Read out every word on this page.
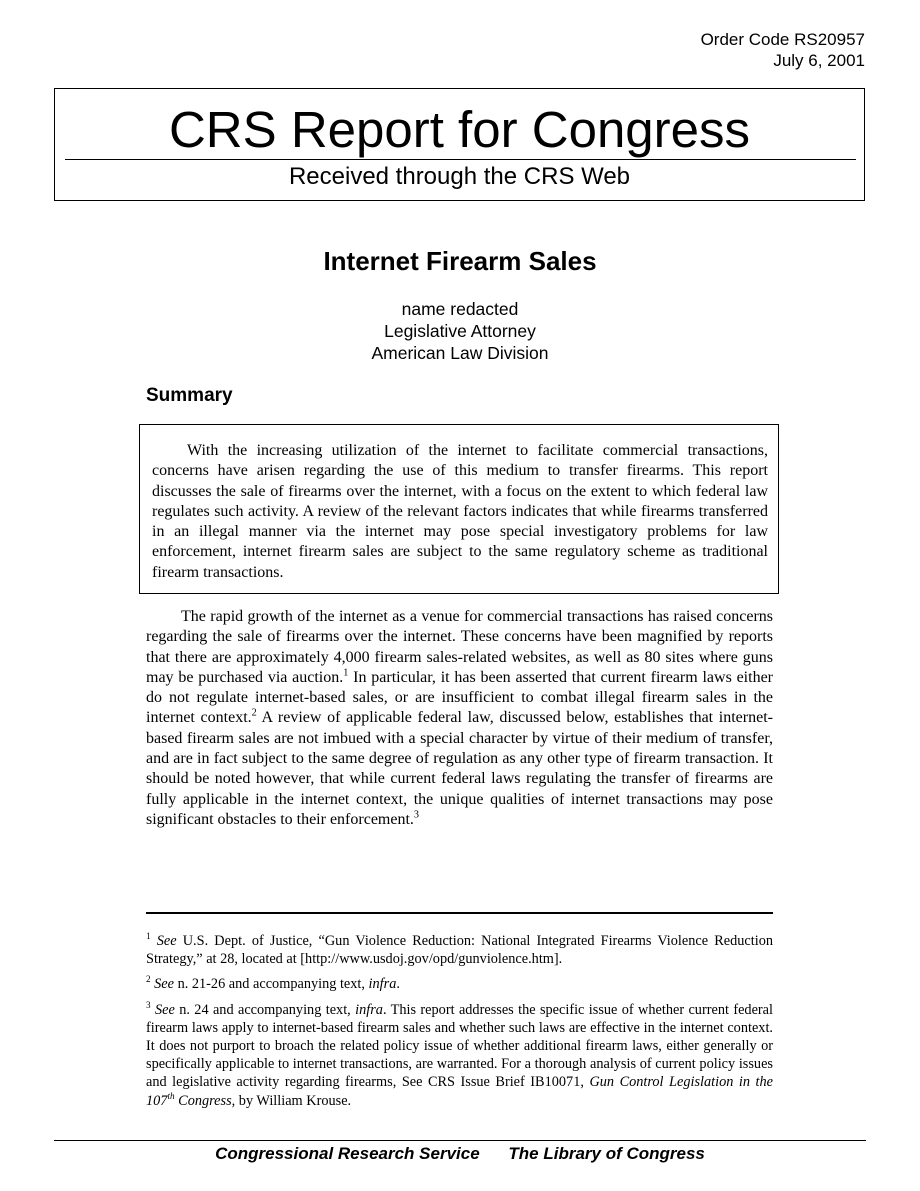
Order Code RS20957
July 6, 2001
CRS Report for Congress
Received through the CRS Web
Internet Firearm Sales
name redacted
Legislative Attorney
American Law Division
Summary
With the increasing utilization of the internet to facilitate commercial transactions, concerns have arisen regarding the use of this medium to transfer firearms. This report discusses the sale of firearms over the internet, with a focus on the extent to which federal law regulates such activity. A review of the relevant factors indicates that while firearms transferred in an illegal manner via the internet may pose special investigatory problems for law enforcement, internet firearm sales are subject to the same regulatory scheme as traditional firearm transactions.

The rapid growth of the internet as a venue for commercial transactions has raised concerns regarding the sale of firearms over the internet. These concerns have been magnified by reports that there are approximately 4,000 firearm sales-related websites, as well as 80 sites where guns may be purchased via auction.$^1$ In particular, it has been asserted that current firearm laws either do not regulate internet-based sales, or are insufficient to combat illegal firearm sales in the internet context.$^2$ A review of applicable federal law, discussed below, establishes that internet-based firearm sales are not imbued with a special character by virtue of their medium of transfer, and are in fact subject to the same degree of regulation as any other type of firearm transaction. It should be noted however, that while current federal laws regulating the transfer of firearms are fully applicable in the internet context, the unique qualities of internet transactions may pose significant obstacles to their enforcement.$^3$

$^1$ See U.S. Dept. of Justice, “Gun Violence Reduction: National Integrated Firearms Violence Reduction Strategy,” at 28, located at [http://www.usdoj.gov/opd/gunviolence.htm].

$^2$ See n. 21-26 and accompanying text, infra.

$^3$ See n. 24 and accompanying text, infra. This report addresses the specific issue of whether current federal firearm laws apply to internet-based firearm sales and whether such laws are effective in the internet context. It does not purport to broach the related policy issue of whether additional firearm laws, either generally or specifically applicable to internet transactions, are warranted. For a thorough analysis of current policy issues and legislative activity regarding firearms, See CRS Issue Brief IB10071, Gun Control Legislation in the 107th Congress, by William Krouse.

Congressional Research Service The Library of Congress
